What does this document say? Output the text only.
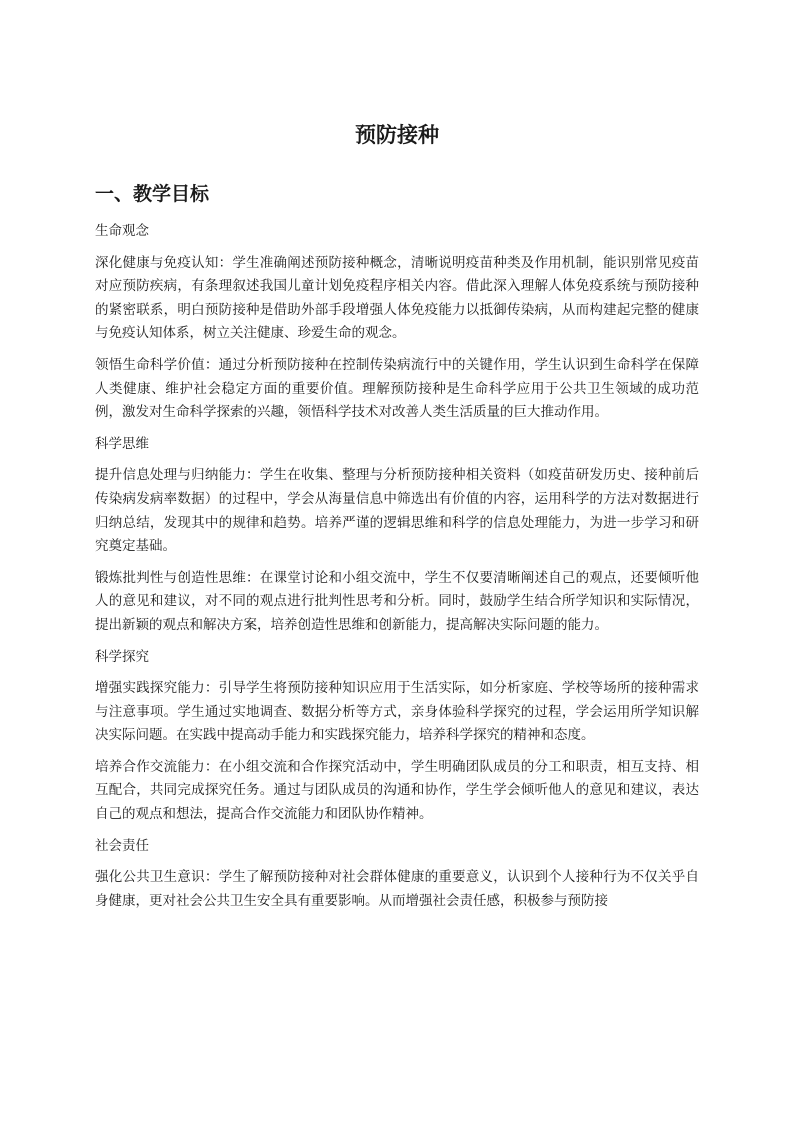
预防接种
一、教学目标
生命观念

深化健康与免疫认知：学生准确阐述预防接种概念，清晰说明疫苗种类及作用机制，能识别常见疫苗对应预防疾病，有条理叙述我国儿童计划免疫程序相关内容。借此深入理解人体免疫系统与预防接种的紧密联系，明白预防接种是借助外部手段增强人体免疫能力以抵御传染病，从而构建起完整的健康与免疫认知体系，树立关注健康、珍爱生命的观念。

领悟生命科学价值：通过分析预防接种在控制传染病流行中的关键作用，学生认识到生命科学在保障人类健康、维护社会稳定方面的重要价值。理解预防接种是生命科学应用于公共卫生领域的成功范例，激发对生命科学探索的兴趣，领悟科学技术对改善人类生活质量的巨大推动作用。

科学思维

提升信息处理与归纳能力：学生在收集、整理与分析预防接种相关资料（如疫苗研发历史、接种前后传染病发病率数据）的过程中，学会从海量信息中筛选出有价值的内容，运用科学的方法对数据进行归纳总结，发现其中的规律和趋势。培养严谨的逻辑思维和科学的信息处理能力，为进一步学习和研究奠定基础。

锻炼批判性与创造性思维：在课堂讨论和小组交流中，学生不仅要清晰阐述自己的观点，还要倾听他人的意见和建议，对不同的观点进行批判性思考和分析。同时，鼓励学生结合所学知识和实际情况，提出新颖的观点和解决方案，培养创造性思维和创新能力，提高解决实际问题的能力。

科学探究

增强实践探究能力：引导学生将预防接种知识应用于生活实际，如分析家庭、学校等场所的接种需求与注意事项。学生通过实地调查、数据分析等方式，亲身体验科学探究的过程，学会运用所学知识解决实际问题。在实践中提高动手能力和实践探究能力，培养科学探究的精神和态度。

培养合作交流能力：在小组交流和合作探究活动中，学生明确团队成员的分工和职责，相互支持、相互配合，共同完成探究任务。通过与团队成员的沟通和协作，学生学会倾听他人的意见和建议，表达自己的观点和想法，提高合作交流能力和团队协作精神。

社会责任

强化公共卫生意识：学生了解预防接种对社会群体健康的重要意义，认识到个人接种行为不仅关乎自身健康，更对社会公共卫生安全具有重要影响。从而增强社会责任感，积极参与预防接
